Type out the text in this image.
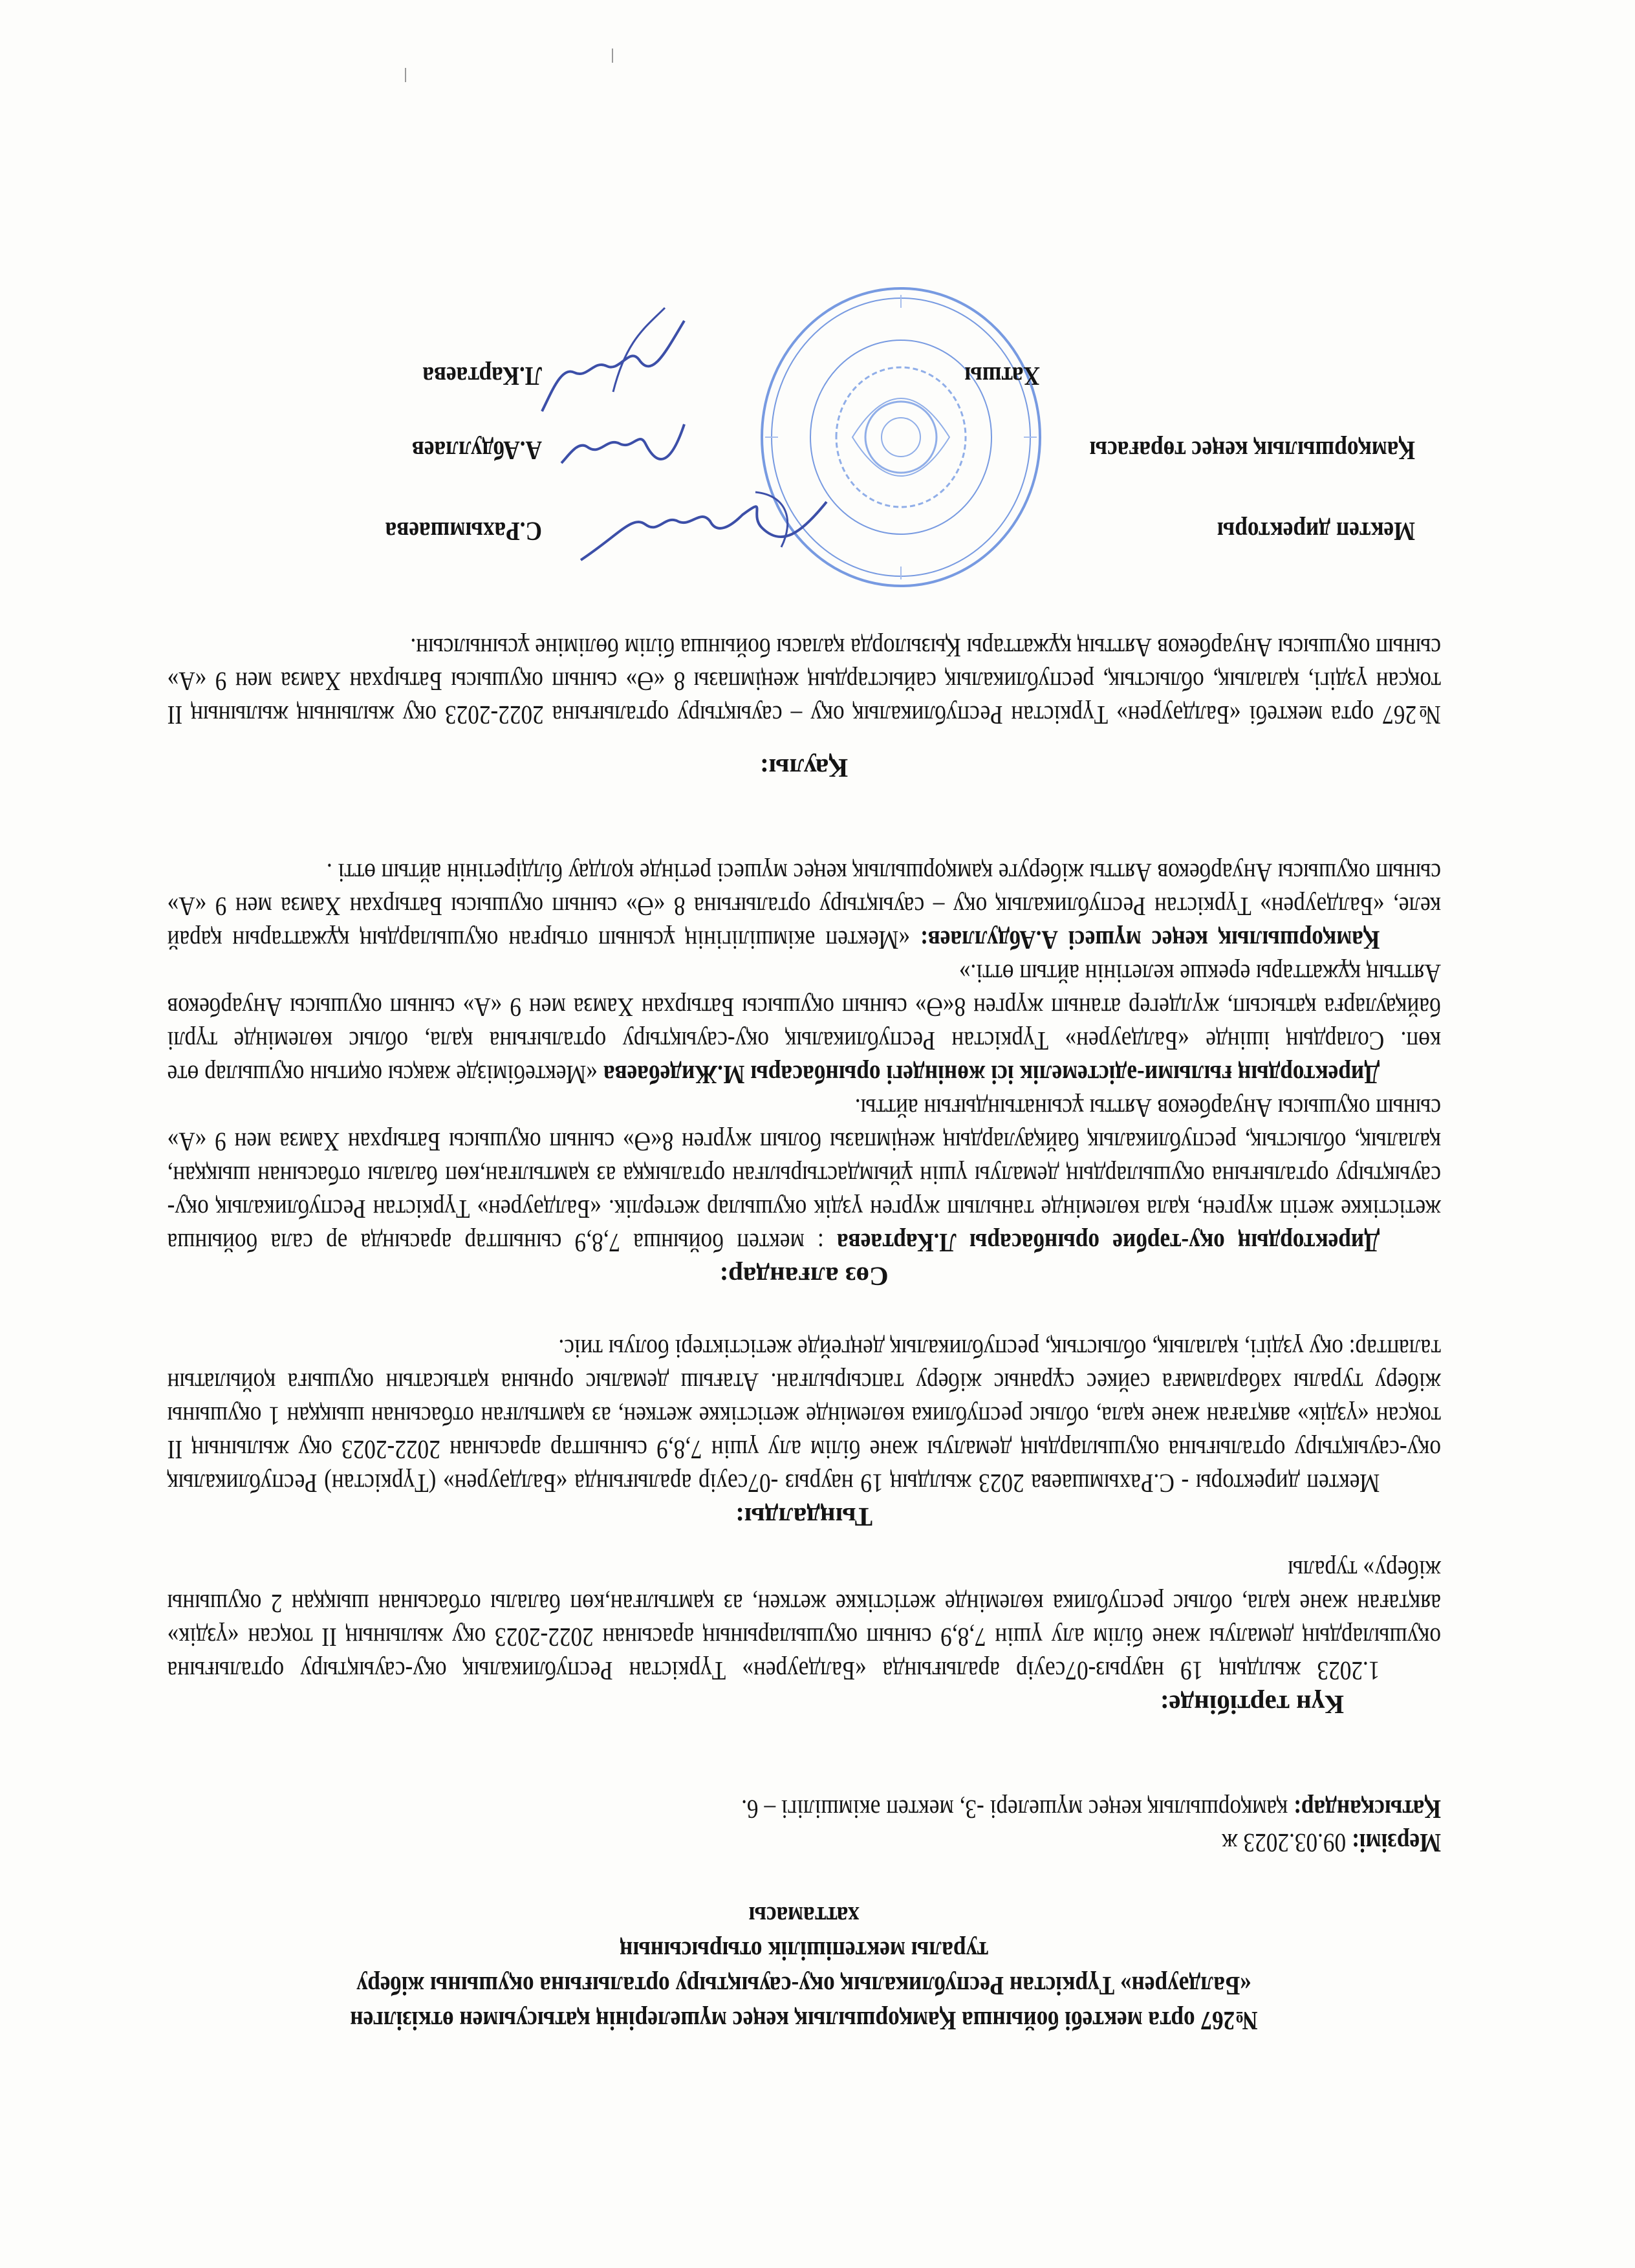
№267 орта мектебі бойынша Қамқоршылық кеңес мүшелерінің қатысуымен өткізілген
«Балдәурен» Түркістан Республикалық оқу-сауықтыру орталығына оқушыны жіберу
туралы мектепішілік отырысының
хаттамасы
Мерзімі: 09.03.2023 ж
Қатысқандар: қамқоршылық кеңес мүшелері -3, мектеп әкімшілігі – 6.
Күн тәртібінде:

1.2023 жылдың 19 наурыз-07сәуір аралығында «Балдәурен» Түркістан Республикалық оқу-сауықтыру орталығына оқушылардың демалуы және білім алу үшін 7,8,9 сынып оқушыларының арасынан 2022-2023 оқу жылының ІІ тоқсан «үздік» аяқтаған және қала, облыс республика көлемінде жетістікке жеткен, аз қамтылған,көп балалы отбасынан шыққан 2 оқушыны жіберу» туралы

Тыңдалды:

Мектеп директоры - С.Рахымшаева 2023 жылдың 19 наурыз -07сәуір аралығында «Балдәурен» (Түркістан) Республикалық оқу-сауықтыру орталығына оқушылардың демалуы және білім алу үшін 7,8,9 сыныптар арасынан 2022-2023 оқу жылының ІІ тоқсан «үздік» аяқтаған және қала, облыс республика көлемінде жетістікке жеткен, аз қамтылған отбасынан шыққан 1 оқушыны жіберу туралы хабарламаға сәйкес сұраныс жіберу тапсырылған. Атағыш демалыс орнына қатысатын оқушыға қойылатын талаптар: оқу үздігі, қалалық, облыстық, республикалық деңгейде жетістіктері болуы тиіс.

Сөз алғандар:

Директордың оқу-тәрбие орынбасары Л.Картаева : мектеп бойынша 7,8,9 сыныптар арасында әр сала бойынша жетістікке жетіп жүрген, қала көлемінде танылып жүрген үздік оқушылар жетерлік. «Балдәурен» Түркістан Республикалық оқу-сауықтыру орталығына оқушылардың демалуы үшін ұйымдастырылған орталыққа аз қамтылған,көп балалы отбасынан шыққан, қалалық, облыстық, республикалық байқаулардың жеңімпазы болып жүрген 8«Ә» сынып оқушысы Батырхан Хамза мен 9 «А» сынып оқушысы Ануарбеков Аятты ұсынатындығын айтты.

Директордың ғылыми-әдістемелік ісі жөніндегі орынбасары М.Жидебаева «Мектебімізде жақсы оқитын оқушылар өте көп. Солардың ішінде «Балдәурен» Түркістан Республикалық оқу-сауықтыру орталығына қала, облыс көлемінде түрлі байқауларға қатысып, жүлдегер атанып жүрген 8«Ә» сынып оқушысы Батырхан Хамза мен 9 «А» сынып оқушысы Ануарбеков Аяттың құжаттары ерекше келетінін айтып өтті.»

Қамқоршылық кеңес мүшесі А.Абдуллаев: «Мектеп әкімшілігінің ұсынып отырған оқушылардың құжаттарын қарай келе, «Балдәурен» Түркістан Республикалық оқу – сауықтыру орталығына 8 «Ә» сынып оқушысы Батырхан Хамза мен 9 «А» сынып оқушысы Ануарбеков Аятты жіберуге қамқоршылық кеңес мүшесі ретінде қолдау білдіретінін айтып өтті .

Қаулы:

№267 орта мектебі «Балдәурен» Түркістан Республикалық оқу – сауықтыру орталығына 2022-2023 оқу жылының жылының ІІ тоқсан үздігі, қалалық, облыстық, республикалық сайыстардың жеңімпазы 8 «Ә» сынып оқушысы Батырхан Хамза мен 9 «А» сынып оқушысы Ануарбеков Аяттың құжаттары Қызылорда қаласы бойынша білім бөлімінe ұсынылсын.

Мектеп директоры
С.Рахымшаева
Қамқоршылық кеңес төрағасы
А.Абдуллаев
Хатшы
Л.Картаева
